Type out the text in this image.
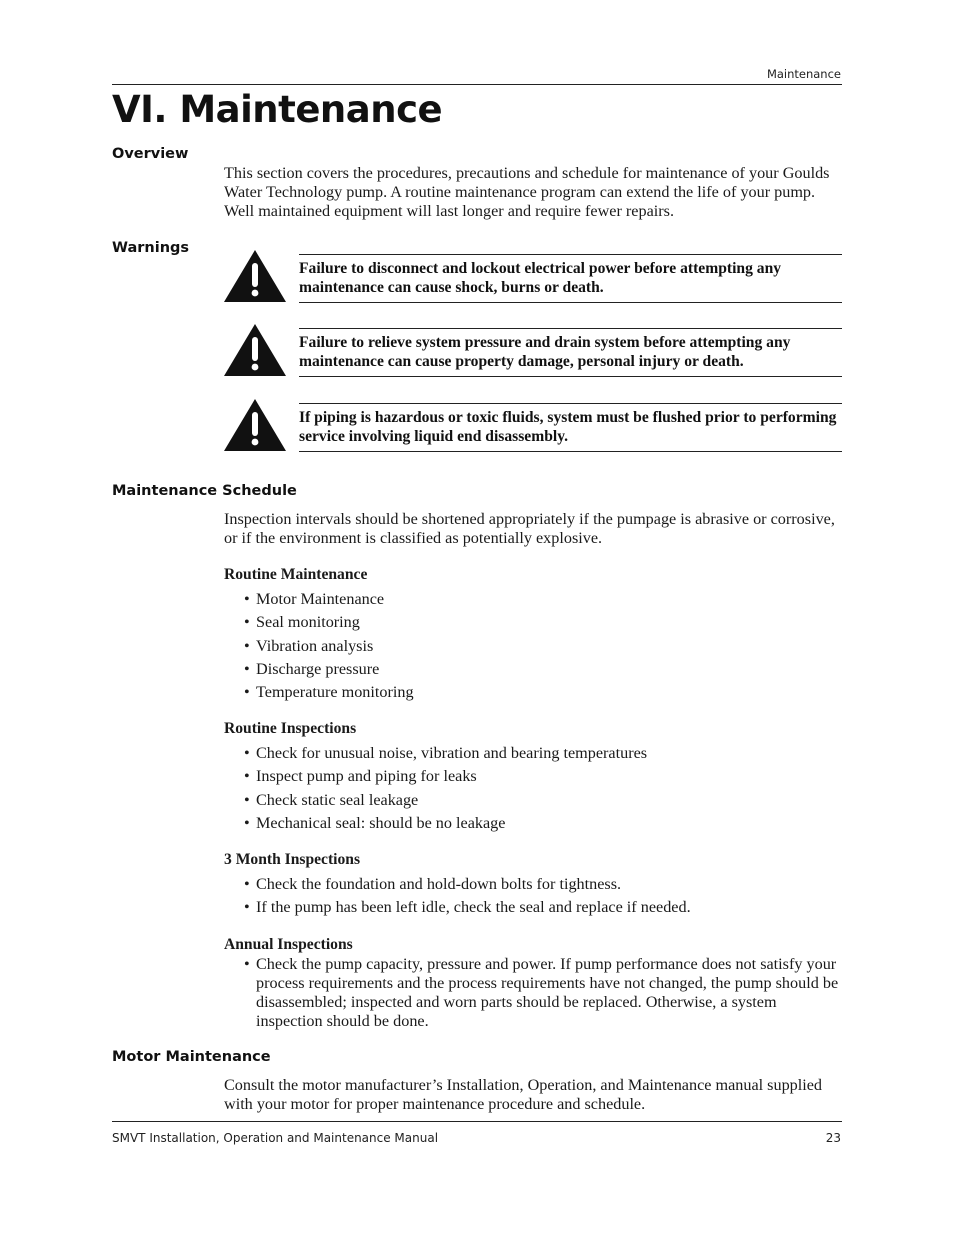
Maintenance
VI. Maintenance
Overview

This section covers the procedures, precautions and schedule for maintenance of your Goulds Water Technology pump. A routine maintenance program can extend the life of your pump. Well maintained equipment will last longer and require fewer repairs.

Warnings
Failure to disconnect and lockout electrical power before attempting any maintenance can cause shock, burns or death.
Failure to relieve system pressure and drain system before attempting any maintenance can cause property damage, personal injury or death.
If piping is hazardous or toxic fluids, system must be flushed prior to performing service involving liquid end disassembly.
Maintenance Schedule

Inspection intervals should be shortened appropriately if the pumpage is abrasive or corrosive, or if the environment is classified as potentially explosive.

Routine Maintenance
• Motor Maintenance
• Seal monitoring
• Vibration analysis
• Discharge pressure
• Temperature monitoring
Routine Inspections
• Check for unusual noise, vibration and bearing temperatures
• Inspect pump and piping for leaks
• Check static seal leakage
• Mechanical seal: should be no leakage
3 Month Inspections
• Check the foundation and hold-down bolts for tightness.
• If the pump has been left idle, check the seal and replace if needed.
Annual Inspections
• Check the pump capacity, pressure and power. If pump performance does not satisfy your process requirements and the process requirements have not changed, the pump should be disassembled; inspected and worn parts should be replaced. Otherwise, a system inspection should be done.
Motor Maintenance

Consult the motor manufacturer’s Installation, Operation, and Maintenance manual supplied with your motor for proper maintenance procedure and schedule.

SMVT Installation, Operation and Maintenance Manual	23
